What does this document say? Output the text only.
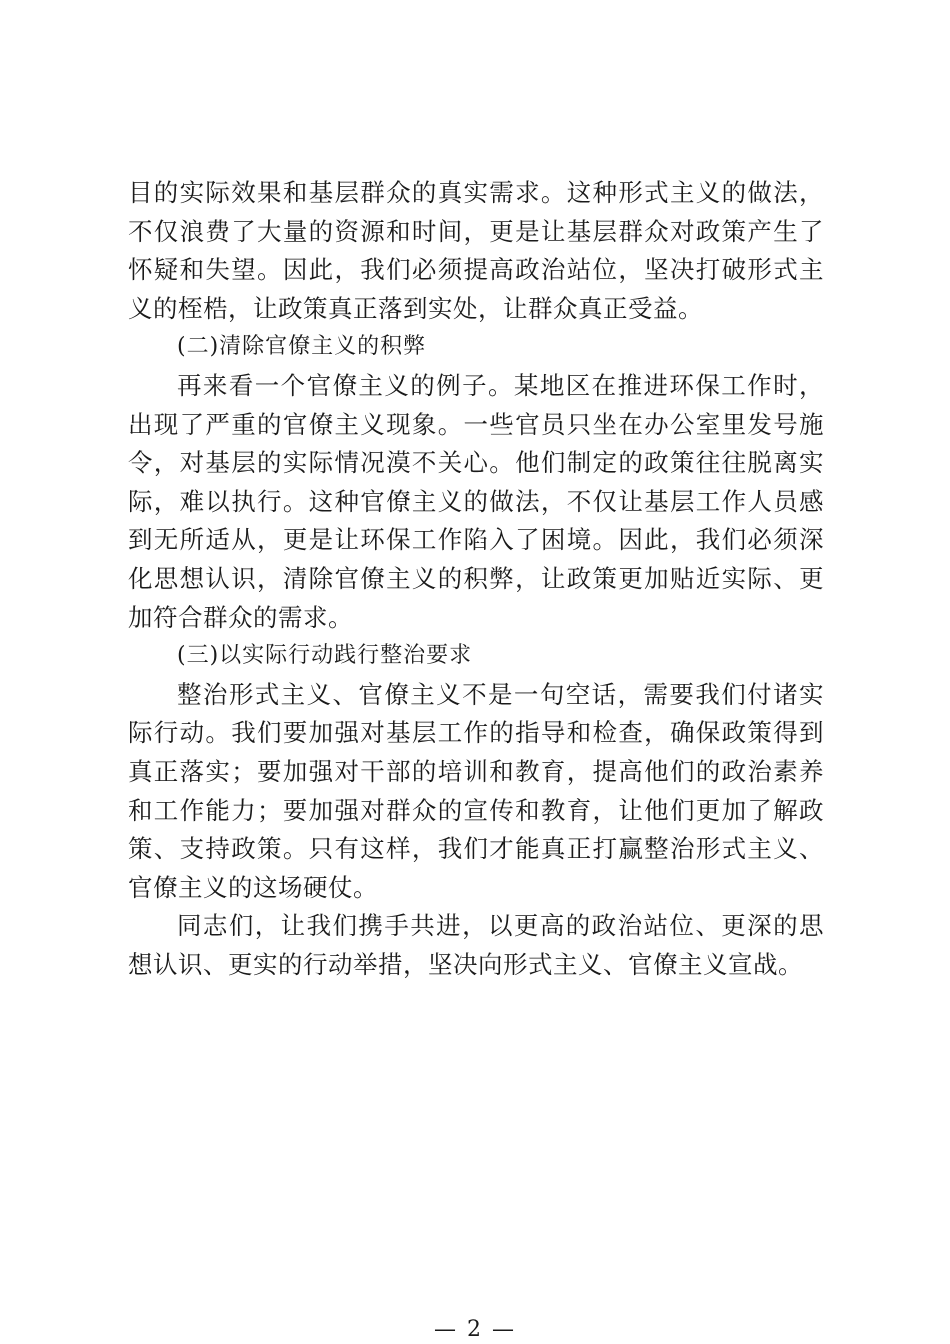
目的实际效果和基层群众的真实需求。这种形式主义的做法，不仅浪费了大量的资源和时间，更是让基层群众对政策产生了怀疑和失望。因此，我们必须提高政治站位，坚决打破形式主义的桎梏，让政策真正落到实处，让群众真正受益。

(二)清除官僚主义的积弊

再来看一个官僚主义的例子。某地区在推进环保工作时，出现了严重的官僚主义现象。一些官员只坐在办公室里发号施令，对基层的实际情况漠不关心。他们制定的政策往往脱离实际，难以执行。这种官僚主义的做法，不仅让基层工作人员感到无所适从，更是让环保工作陷入了困境。因此，我们必须深化思想认识，清除官僚主义的积弊，让政策更加贴近实际、更加符合群众的需求。

(三)以实际行动践行整治要求

整治形式主义、官僚主义不是一句空话，需要我们付诸实际行动。我们要加强对基层工作的指导和检查，确保政策得到真正落实；要加强对干部的培训和教育，提高他们的政治素养和工作能力；要加强对群众的宣传和教育，让他们更加了解政策、支持政策。只有这样，我们才能真正打赢整治形式主义、官僚主义的这场硬仗。

同志们，让我们携手共进，以更高的政治站位、更深的思想认识、更实的行动举措，坚决向形式主义、官僚主义宣战。

— 2 —
